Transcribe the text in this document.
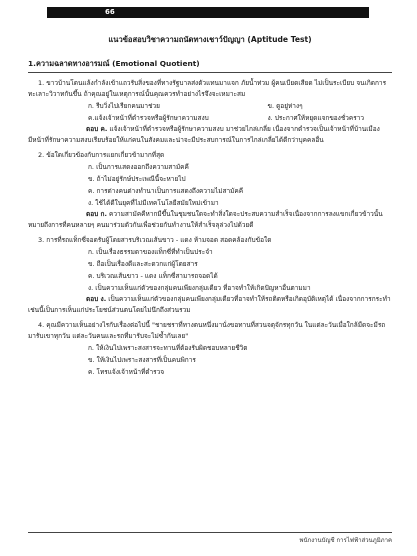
66
แนวข้อสอบวิชาความถนัดทางเชาว์ปัญญา (Aptitude Test)
1.ความฉลาดทางอารมณ์ (Emotional Quotient)

1. ขาวบ้านโดนแล้งกำลังเข้าแถวรับสิ่งของที่ทางรัฐบาลส่งตัวแทนมาแจก ภัยน้ำท่วม ผู้คนเบียดเสียด ไม่เป็นระเบียบ จนเกิดการทะเลาะวิวาทกันขึ้น ถ้าคุณอยู่ในเหตุการณ์นั้นคุณควรทำอย่างไรจึงจะเหมาะสม

ก. รีบวิ่งไปเรียกคนมาช่วย	ข. ดูอยู่ห่างๆ
ค.แจ้งเจ้าหน้าที่ตำรวจหรือผู้รักษาความสงบ	ง. ประกาศให้หยุดแจกของชั่วคราว

ตอบ ค. แจ้งเจ้าหน้าที่ตำรวจหรือผู้รักษาความสงบ มาช่วยไกล่เกลี่ย เนื่องจากตำรวจเป็นเจ้าหน้าที่บ้านเมือง มีหน้าที่รักษาความสงบเรียบร้อยให้แก่คนในสังคมและน่าจะมีประสบการณ์ในการไกล่เกลี่ยได้ดีกว่าบุคคลอื่น

2. ข้อใดเกี่ยวข้องกับการแยกเกี่ยวข้ามากที่สุด

ก. เป็นการแสดงออกถึงความสามัคคี
ข. ถ้าไม่อยู่รักษ์ประเพณีนี้จะหายไป
ค. การต่างคนต่างทำนาเป็นการแสดงถึงความไม่สามัคคี
ง. ใช้ได้ดีในยุคที่ไม่มีเทคโนโลยีสมัยใหม่เข้ามา

ตอบ ก. ความสามัคคีหากมีขึ้นในชุมชนใดจะทำสิ่งใดจะประสบความสำเร็จเนื่องจากการลงแขกเกี่ยวข้าวนั้นหมายถึงการที่คนหลายๆ คนมาร่วมตัวกันเพื่อช่วยกันทำงานให้สำเร็จลุล่วงไปด้วยดี

3. การที่รถแท็กซี่จอดรับผู้โดยสารบริเวณเส้นขาว - แดง ห้ามจอด สอดคล้องกับข้อใด

ก. เป็นเรื่องธรรมดาของแท็กซี่ที่ทำเป็นประจำ
ข. ถือเป็นเรื่องดีและสะดวกแก่ผู้โดยสาร
ค. บริเวณเส้นขาว - แดง แท็กซี่สามารถจอดได้
ง. เป็นความเห็นแก่ตัวของกลุ่มคนเพียงกลุ่มเดียว ที่อาจทำให้เกิดปัญหาอื่นตามมา

ตอบ ง. เป็นความเห็นแก่ตัวของกลุ่มคนเพียงกลุ่มเดียวที่อาจทำให้รถติดหรือเกิดอุบัติเหตุได้ เนื่องจากการกระทำเช่นนี้เป็นการเห็นแก่ประโยชน์ส่วนตนโดยไม่นึกถึงส่วนรวม

4. คุณมีความเห็นอย่างไรกับเรื่องต่อไปนี้ "ชายชราที่ทางตนหนึ่งมานั่งขอทานที่สวนจตุจักรทุกวัน ในแต่ละวันเมื่อใกล้มืดจะมีรถมารับเขาทุกวัน แต่ละวันคนและรถที่มารับจะไม่ซ้ำกันเลย"

ก. ให้เงินไปเพราะสงสารจะทานที่ต้องรับผิดชอบหลายชีวิต
ข. ให้เงินไปเพราะสงสารที่เป็นคนพิการ
ค. โทรแจ้งเจ้าหน้าที่ตำรวจ
พนักงานบัญชี การไฟฟ้าส่วนภูมิภาค
